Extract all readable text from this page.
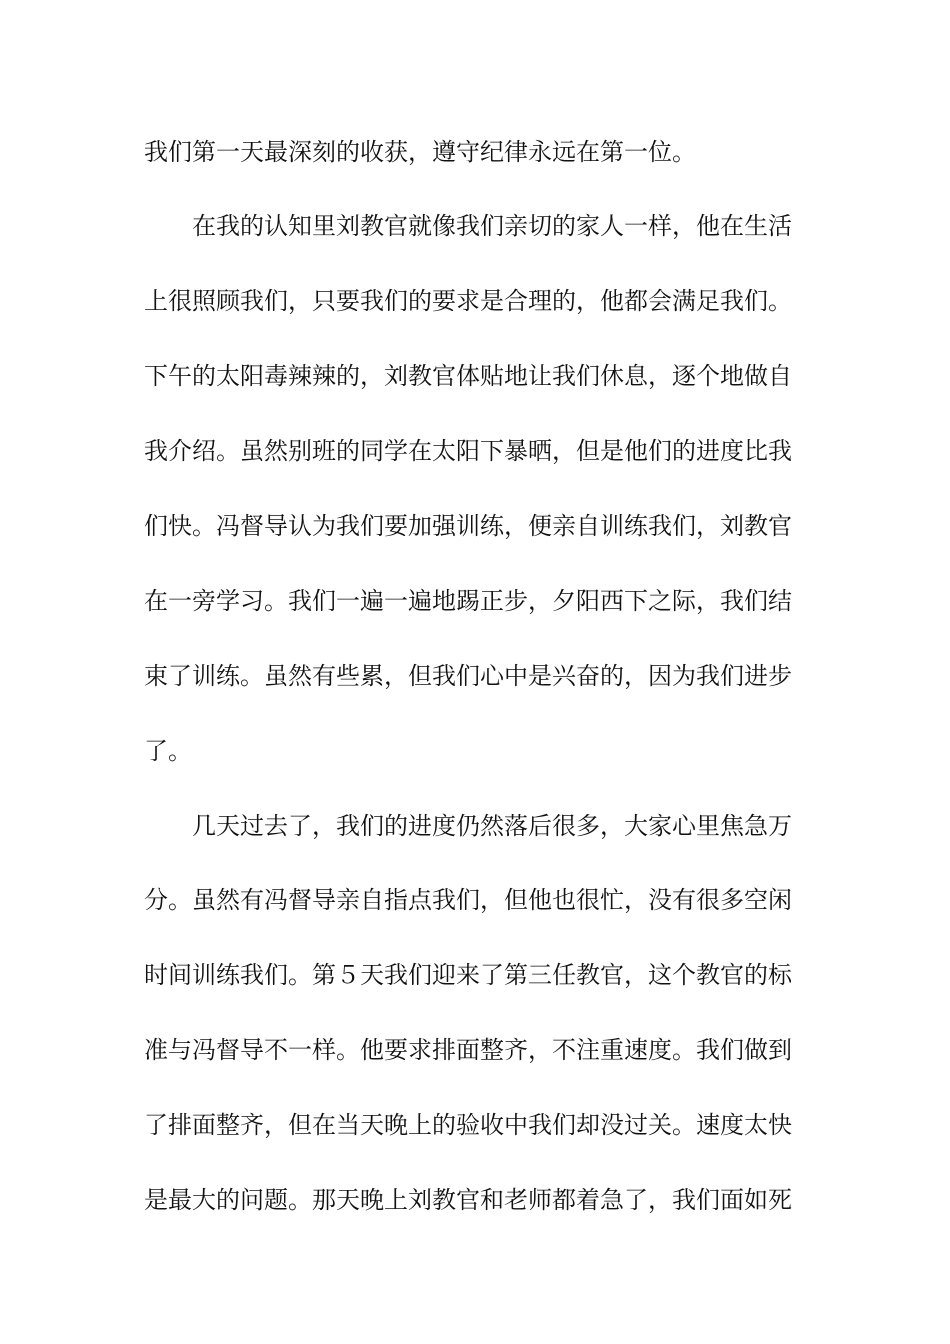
我们第一天最深刻的收获，遵守纪律永远在第一位。
在我的认知里刘教官就像我们亲切的家人一样，他在生活
上很照顾我们，只要我们的要求是合理的，他都会满足我们。
下午的太阳毒辣辣的，刘教官体贴地让我们休息，逐个地做自
我介绍。虽然别班的同学在太阳下暴晒，但是他们的进度比我
们快。冯督导认为我们要加强训练，便亲自训练我们，刘教官
在一旁学习。我们一遍一遍地踢正步，夕阳西下之际，我们结
束了训练。虽然有些累，但我们心中是兴奋的，因为我们进步
了。
几天过去了，我们的进度仍然落后很多，大家心里焦急万
分。虽然有冯督导亲自指点我们，但他也很忙，没有很多空闲
时间训练我们。第５天我们迎来了第三任教官，这个教官的标
准与冯督导不一样。他要求排面整齐，不注重速度。我们做到
了排面整齐，但在当天晚上的验收中我们却没过关。速度太快
是最大的问题。那天晚上刘教官和老师都着急了，我们面如死
